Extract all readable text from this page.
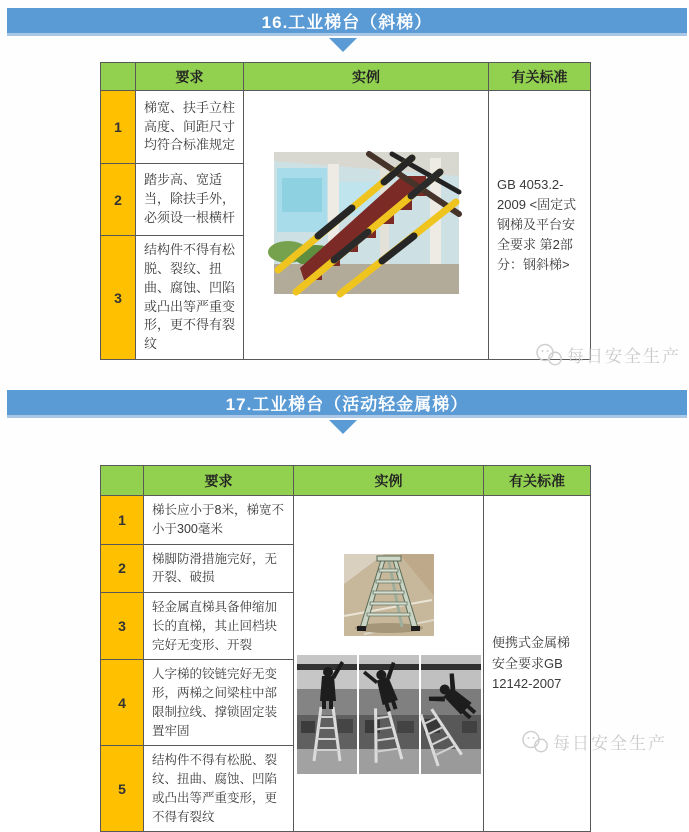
16.工业梯台（斜梯）
	要求	实例	有关标准
1	梯宽、扶手立柱高度、间距尺寸均符合标准规定		GB 4053.2-2009 <固定式钢梯及平台安全要求 第2部分：钢斜梯>
2	踏步高、宽适当，除扶手外，必须设一根横杆		
3	结构件不得有松脱、裂纹、扭曲、腐蚀、凹陷或凸出等严重变形，更不得有裂纹		
每日安全生产
17.工业梯台（活动轻金属梯）
	要求	实例	有关标准
1	梯长应小于8米，梯宽不小于300毫米		便携式金属梯安全要求GB 12142-2007
2	梯脚防滑措施完好，无开裂、破损		
3	轻金属直梯具备伸缩加长的直梯，其止回档块完好无变形、开裂		
4	人字梯的铰链完好无变形，两梯之间梁柱中部限制拉线、撑锁固定装置牢固		
5	结构件不得有松脱、裂纹、扭曲、腐蚀、凹陷或凸出等严重变形，更不得有裂纹		
每日安全生产
